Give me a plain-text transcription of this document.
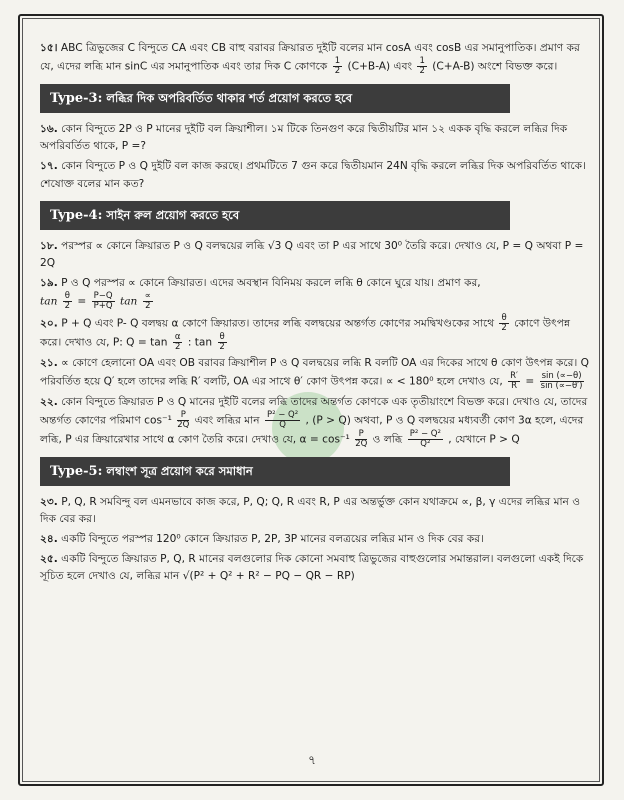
১৫। ABC ত্রিভুজের C বিন্দুতে CA এবং CB বাহু বরাবর ক্রিয়ারত দুইটি বলের মান cosA এবং cosB এর সমানুপাতিক। প্রমাণ কর যে, এদের লব্ধি মান sinC এর সমানুপাতিক এবং তার দিক C কোণকে $\frac{1}{2} (C+B-A)$ এবং $\frac{1}{2} (C+A-B)$ অংশে বিভক্ত করে।

Type-3: লব্ধির দিক অপরিবর্তিত থাকার শর্ত প্রয়োগ করতে হবে

১৬. কোন বিন্দুতে 2P ও P মানের দুইটি বল ক্রিয়াশীল। ১ম টিকে তিনগুণ করে দ্বিতীয়টির মান ১২ একক বৃদ্ধি করলে লব্ধির দিক অপরিবর্তিত থাকে, P =?

১৭. কোন বিন্দুতে P ও Q দুইটি বল কাজ করছে। প্রথমটিতে 7 গুন করে দ্বিতীয়মান 24N বৃদ্ধি করলে লব্ধির দিক অপরিবর্তিত থাকে। শেষোক্ত বলের মান কত?

Type-4: সাইন রুল প্রয়োগ করতে হবে

১৮. পরস্পর ∝ কোনে ক্রিয়ারত P ও Q বলদ্বয়ের লব্ধি √3 Q এবং তা P এর সাথে 30⁰ তৈরি করে। দেখাও যে, P = Q অথবা P = 2Q

১৯. P ও Q পরস্পর ∝ কোনে ক্রিয়ারত। এদের অবস্থান বিনিময় করলে লব্ধি θ কোনে ঘুরে যায়। প্রমাণ কর,
$\tan \frac{\theta}{2} = \frac{P-Q}{P+Q}$ $\tan \frac{\propto}{2}$

২০. P + Q এবং P- Q বলদ্বয় α কোণে ক্রিয়ারত। তাদের লব্ধি বলদ্বয়ের অন্তর্গত কোণের সমদ্বিখণ্ডকের সাথে $\frac{\theta}{2}$ কোণে উৎপন্ন করে। দেখাও যে, P: $Q = \tan \frac{\alpha}{2}$ : $\tan \frac{\theta}{2}$

২১. ∝ কোণে হেলানো OA এবং OB বরাবর ক্রিয়াশীল P ও Q বলদ্বয়ের লব্ধি R বলটি OA এর দিকের সাথে θ কোণ উৎপন্ন করে। Q পরিবর্তিত হয়ে Q′ হলে তাদের লব্ধি R′ বলটি, OA এর সাথে θ′ কোণ উৎপন্ন করে। ∝ < 180⁰ হলে দেখাও যে, $\frac{R'}{R} = \frac{\sin (\propto-\theta)}{\sin (\propto-\theta')}$

২২. কোন বিন্দুতে ক্রিয়ারত P ও Q মানের দুইটি বলের লব্ধি তাদের অন্তর্গত কোণকে এক তৃতীয়াংশে বিভক্ত করে। দেখাও যে, তাদের অন্তর্গত কোণের পরিমাণ $\cos^{-1} \frac{P}{2Q}$ এবং লব্ধির মান $\frac{\text{P² − Q²}}{Q}$ , (P > Q) অথবা, P ও Q বলদ্বয়ের মধ্যবর্তী কোণ 3α হলে, এদের লব্ধি, P এর ক্রিয়ারেখার সাথে α কোণ তৈরি করে। দেখাও যে, $\alpha = \cos^{-1} \frac{P}{2Q}$ ও লব্ধি $\frac{\text{P² − Q²}}{\text{Q²}}$ , যেখানে P > Q

Type-5: লম্বাংশ সূত্র প্রয়োগ করে সমাধান

২৩. P, Q, R সমবিন্দু বল এমনভাবে কাজ করে, P, Q; Q, R এবং R, P এর অন্তর্ভুক্ত কোন যথাক্রমে ∝, β, γ এদের লব্ধির মান ও দিক বের কর।

২৪. একটি বিন্দুতে পরস্পর 120⁰ কোনে ক্রিয়ারত P, 2P, 3P মানের বলত্রয়ের লব্ধির মান ও দিক বের কর।

২৫. একটি বিন্দুতে ক্রিয়ারত P, Q, R মানের বলগুলোর দিক কোনো সমবাহু ত্রিভুজের বাহুগুলোর সমান্তরাল। বলগুলো একই দিকে সূচিত হলে দেখাও যে, লব্ধির মান √(P² + Q² + R² − PQ − QR − RP)

৭
